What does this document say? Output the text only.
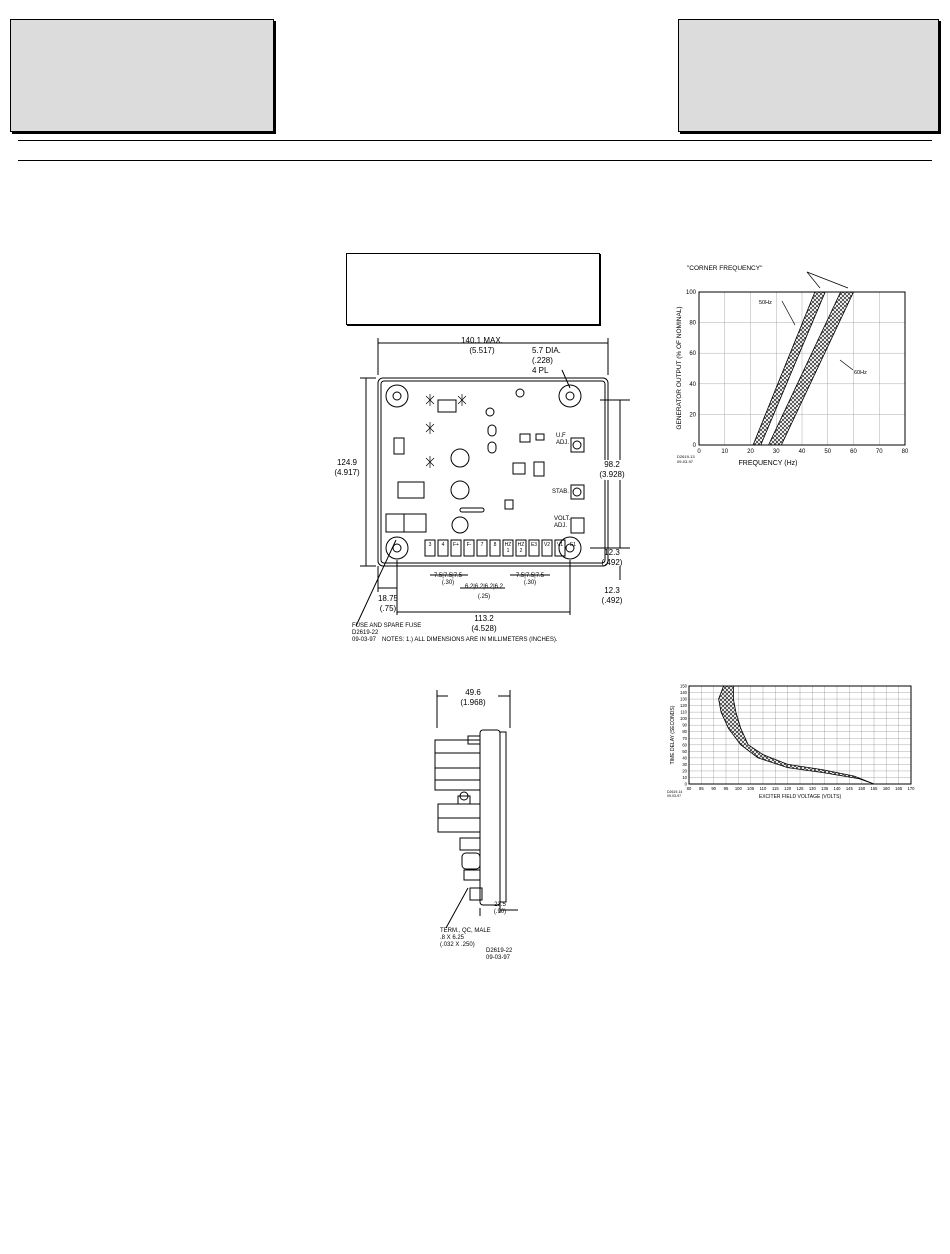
140.1 MAX.
(5.517)	5.7 DIA.
(.228)
4 PL
124.9
(4.917)
98.2
(3.928)
12.3
(.492)
12.3
(.492)
18.75
(.75)
113.2
(4.528)
7.5|7.5|7.5
(.30)
6.2|6.2|6.2|6.2
(.25)
7.5|7.5|7.5
(.30)
U.F
ADJ.
STAB.
VOLT.
ADJ.
3	4	F+	F-	7	8	HZ
1
HZ
2
E3	V2	V1	E1
FUSE AND SPARE FUSE
D2619-22
09-03-97 NOTES: 1.) ALL DIMENSIONS ARE IN MILLIMETERS (INCHES).
49.6
(1.968)
22.5
(.90)
TERM., QC, MALE
.8 X 6.25
(.032 X .250)
D2619-22
09-03-97
0	10	20	30	40	50	60	70	80
0
20
40
60
80
100
"CORNER FREQUENCY"
50Hz
60Hz
FREQUENCY (Hz)
GENERATOR OUTPUT (% OF NOMINAL)
D2619-13
09-03-97
80 85 90 95 100 105 110 115 120 125 130 135 140 145 150 155 160 165 170
0
10
20
30
40
50
60
70
80
90
100
110
120
130
140
150
EXCITER FIELD VOLTAGE (VOLTS)
TIME DELAY (SECONDS)
D2619-14
09-03-97
